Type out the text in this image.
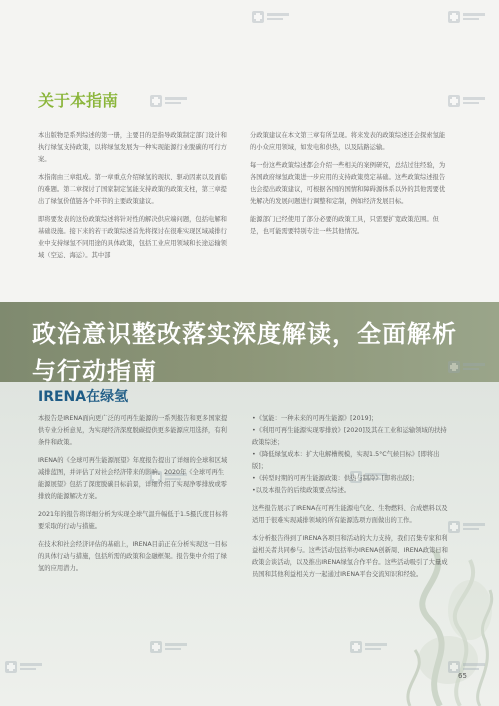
关于本指南

本出版物是系列综述的第一册，主要目的是指导政策制定部门设计和执行绿氢支持政策，以将绿氢发展为一种实现能源行业脱碳的可行方案。

本指南由三章组成。第一章重点介绍绿氢的现状、驱动因素以及面临的难题。第二章探讨了国家制定氢能支持政策的政策支柱，第三章提出了绿氢价值链各个环节的主要政策建议。

即将要发表的这份政策综述将针对性的解决供应端问题，包括电解和基础设施。接下来的若干政策综述首先将探讨在很难实现区域减排行业中支持绿氢不同用途的具体政策，包括工业应用领域和长途运输领域（空运、海运）。其中部

分政策建议在本文第三章有所呈现。将来发表的政策综述还会探索氢能的小众应用领域，如发电和供热，以及陆路运输。

每一份这些政策综述都会介绍一些相关的案例研究，总结过往经验，为各国政府绿氢政策进一步应用的支持政策奠定基础。这些政策综述报告也会提出政策建议，可根据各国的国情和障碍源体系以外的其他需要优先解决的发展问题进行调整和定制，例如经济发展目标。

能源部门已经使用了部分必要的政策工具，只需要扩宽政策范围。但是，也可能需要特别专注一些其他情况。

政治意识整改落实深度解读，全面解析与行动指南
IRENA在绿氢

本报告是IRENA面向更广泛的可再生能源的一系列报告和更多国家提供专业分析意见，为实现经济深度脱碳提供更多能源应用选择，有利条件和政策。

IRENA的《全球可再生能源展望》年度报告提出了详细的全球和区域减排蓝图，并评估了对社会经济带来的影响。2020年《全球可再生能源展望》包括了深度脱碳目标前景，详细介绍了实现净零排放或零排放的能源解决方案。

2021年的报告将详细分析为实现全球气温升幅低于1.5摄氏度目标将要采取的行动与措施。

在技术和社会经济评估的基础上，IRENA目前正在分析实现这一目标的具体行动与措施，包括所需的政策和金融框架。报告集中介绍了绿氢的应用潜力。

•《氢能：一种未来的可再生能源》[2019]；
•《利用可再生能源实现零排放》[2020]及其在工业和运输领域的扶持政策综述；
•《降低绿氢成本：扩大电解槽规模，实现1.5°C气候目标》[即将出版]；
•《转型时期的可再生能源政策：供热与制冷》[即将出版]；
•以及本报告的后续政策要点综述。

这些报告展示了IRENA在可再生能源电气化、生物燃料、合成燃料以及适用于很难实现减排领域的所有能源选项方面做出的工作。

本分析报告得到了IRENA各项目和活动的大力支持，我们召集专家和利益相关者共同参与。这些活动包括举办IRENA创新周、IRENA政策日和政策会谈活动，以及推出IRENA绿氢合作平台。这些活动吸引了大量成员国和其他利益相关方一起通过IRENA平台交流知识和经验。

65
